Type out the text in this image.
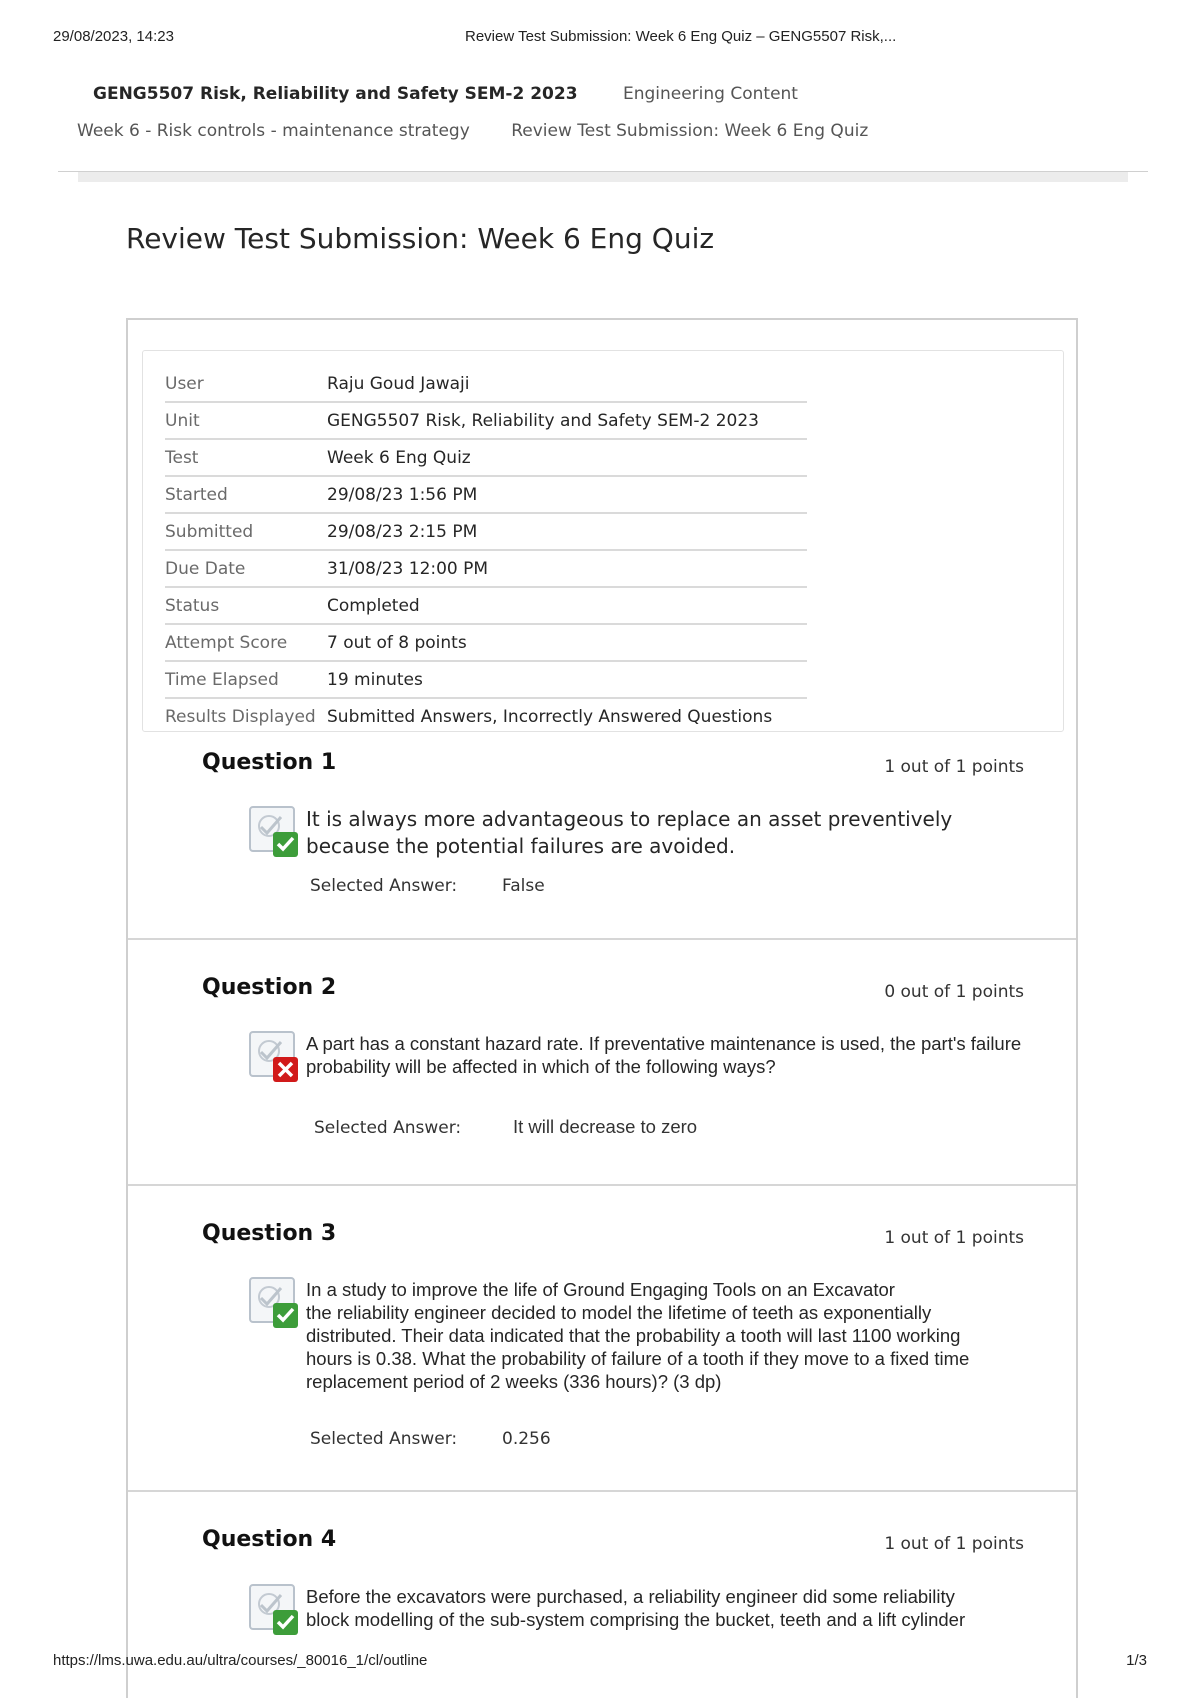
29/08/2023, 14:23	Review Test Submission: Week 6 Eng Quiz – GENG5507 Risk,...
GENG5507 Risk, Reliability and Safety SEM-2 2023	Engineering Content
Week 6 - Risk controls - maintenance strategy Review Test Submission: Week 6 Eng Quiz
Review Test Submission: Week 6 Eng Quiz
User	Raju Goud Jawaji
Unit	GENG5507 Risk, Reliability and Safety SEM-2 2023
Test	Week 6 Eng Quiz
Started	29/08/23 1:56 PM
Submitted	29/08/23 2:15 PM
Due Date	31/08/23 12:00 PM
Status	Completed
Attempt Score	7 out of 8 points
Time Elapsed	19 minutes
Results Displayed	Submitted Answers, Incorrectly Answered Questions
Question 1	1 out of 1 points
It is always more advantageous to replace an asset preventively because the potential failures are avoided.
Selected Answer:	False
Question 2	0 out of 1 points
A part has a constant hazard rate. If preventative maintenance is used, the part's failure probability will be affected in which of the following ways?
Selected Answer:	It will decrease to zero
Question 3	1 out of 1 points
In a study to improve the life of Ground Engaging Tools on an Excavator
the reliability engineer decided to model the lifetime of teeth as exponentially
distributed. Their data indicated that the probability a tooth will last 1100 working
hours is 0.38. What the probability of failure of a tooth if they move to a fixed time
replacement period of 2 weeks (336 hours)? (3 dp)
Selected Answer:	0.256
Question 4	1 out of 1 points
Before the excavators were purchased, a reliability engineer did some reliability
block modelling of the sub-system comprising the bucket, teeth and a lift cylinder
https://lms.uwa.edu.au/ultra/courses/_80016_1/cl/outline	1/3
